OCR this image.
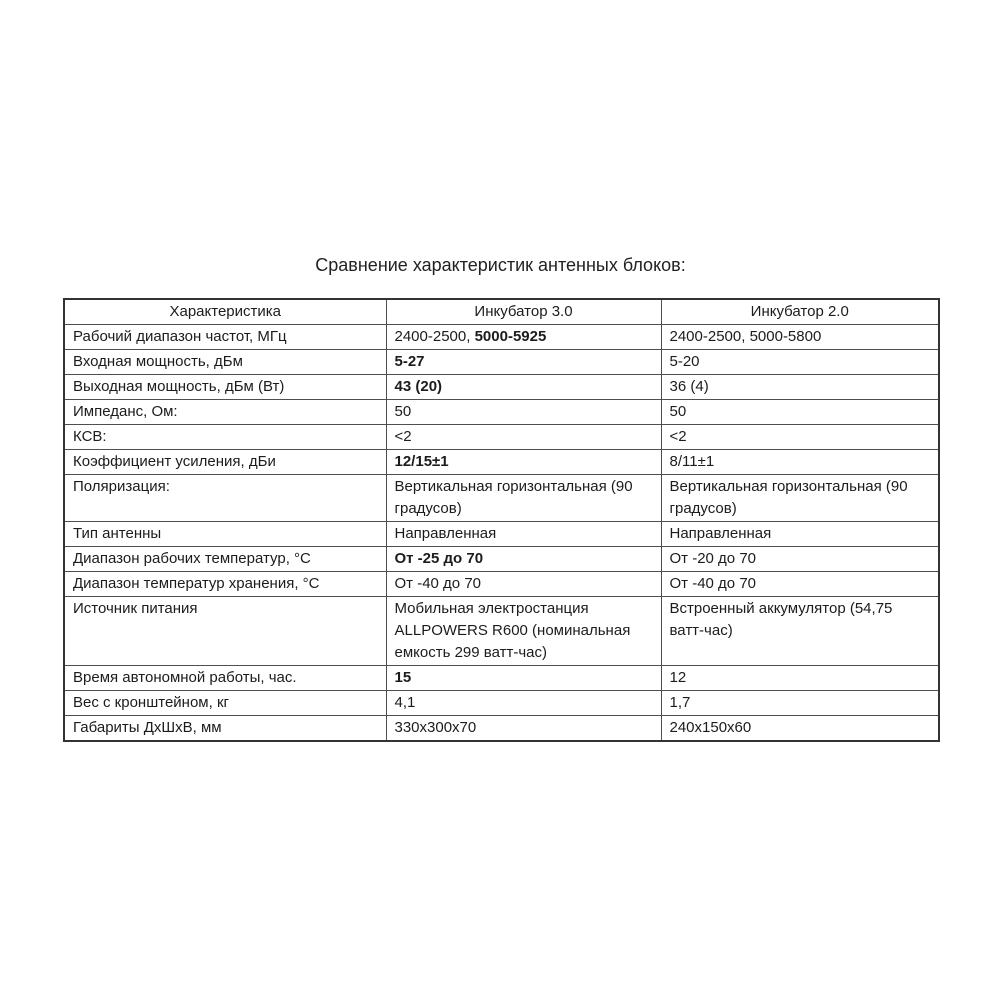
Сравнение характеристик антенных блоков:
Характеристика	Инкубатор 3.0	Инкубатор 2.0
Рабочий диапазон частот, МГц	2400-2500, 5000-5925	2400-2500, 5000-5800
Входная мощность, дБм	5-27	5-20
Выходная мощность, дБм (Вт)	43 (20)	36 (4)
Импеданс, Ом:	50	50
КСВ:	<2	<2
Коэффициент усиления, дБи	12/15±1	8/11±1
Поляризация:	Вертикальная горизонтальная (90 градусов)	Вертикальная горизонтальная (90 градусов)
Тип антенны	Направленная	Направленная
Диапазон рабочих температур, °С	От -25 до 70	От -20 до 70
Диапазон температур хранения, °С	От -40 до 70	От -40 до 70
Источник питания	Мобильная электростанция ALLPOWERS R600 (номинальная емкость 299 ватт-час)	Встроенный аккумулятор (54,75 ватт-час)
Время автономной работы, час.	15	12
Вес с кронштейном, кг	4,1	1,7
Габариты ДхШхВ, мм	330x300x70	240x150x60
